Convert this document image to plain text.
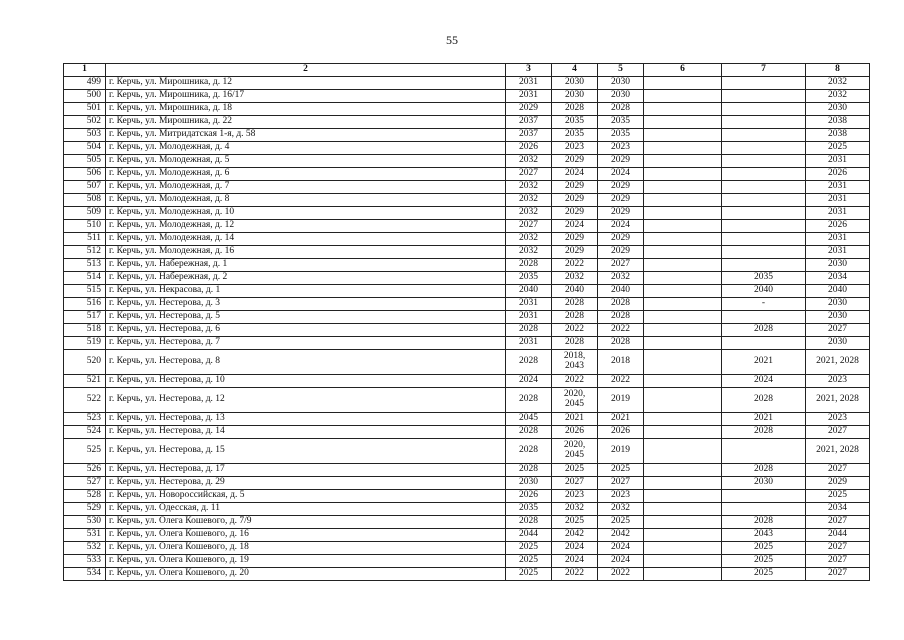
55
1	2	3	4	5	6	7	8
499	г. Керчь, ул. Мирошника, д. 12	2031	2030	2030			2032
500	г. Керчь, ул. Мирошника, д. 16/17	2031	2030	2030			2032
501	г. Керчь, ул. Мирошника, д. 18	2029	2028	2028			2030
502	г. Керчь, ул. Мирошника, д. 22	2037	2035	2035			2038
503	г. Керчь, ул. Митридатская 1-я, д. 58	2037	2035	2035			2038
504	г. Керчь, ул. Молодежная, д. 4	2026	2023	2023			2025
505	г. Керчь, ул. Молодежная, д. 5	2032	2029	2029			2031
506	г. Керчь, ул. Молодежная, д. 6	2027	2024	2024			2026
507	г. Керчь, ул. Молодежная, д. 7	2032	2029	2029			2031
508	г. Керчь, ул. Молодежная, д. 8	2032	2029	2029			2031
509	г. Керчь, ул. Молодежная, д. 10	2032	2029	2029			2031
510	г. Керчь, ул. Молодежная, д. 12	2027	2024	2024			2026
511	г. Керчь, ул. Молодежная, д. 14	2032	2029	2029			2031
512	г. Керчь, ул. Молодежная, д. 16	2032	2029	2029			2031
513	г. Керчь, ул. Набережная, д. 1	2028	2022	2027			2030
514	г. Керчь, ул. Набережная, д. 2	2035	2032	2032		2035	2034
515	г. Керчь, ул. Некрасова, д. 1	2040	2040	2040		2040	2040
516	г. Керчь, ул. Нестерова, д. 3	2031	2028	2028		-	2030
517	г. Керчь, ул. Нестерова, д. 5	2031	2028	2028			2030
518	г. Керчь, ул. Нестерова, д. 6	2028	2022	2022		2028	2027
519	г. Керчь, ул. Нестерова, д. 7	2031	2028	2028			2030
520	г. Керчь, ул. Нестерова, д. 8	2028	2018, 2043	2018		2021	2021, 2028
521	г. Керчь, ул. Нестерова, д. 10	2024	2022	2022		2024	2023
522	г. Керчь, ул. Нестерова, д. 12	2028	2020, 2045	2019		2028	2021, 2028
523	г. Керчь, ул. Нестерова, д. 13	2045	2021	2021		2021	2023
524	г. Керчь, ул. Нестерова, д. 14	2028	2026	2026		2028	2027
525	г. Керчь, ул. Нестерова, д. 15	2028	2020, 2045	2019			2021, 2028
526	г. Керчь, ул. Нестерова, д. 17	2028	2025	2025		2028	2027
527	г. Керчь, ул. Нестерова, д. 29	2030	2027	2027		2030	2029
528	г. Керчь, ул. Новороссийская, д. 5	2026	2023	2023			2025
529	г. Керчь, ул. Одесская, д. 11	2035	2032	2032			2034
530	г. Керчь, ул. Олега Кошевого, д. 7/9	2028	2025	2025		2028	2027
531	г. Керчь, ул. Олега Кошевого, д. 16	2044	2042	2042		2043	2044
532	г. Керчь, ул. Олега Кошевого, д. 18	2025	2024	2024		2025	2027
533	г. Керчь, ул. Олега Кошевого, д. 19	2025	2024	2024		2025	2027
534	г. Керчь, ул. Олега Кошевого, д. 20	2025	2022	2022		2025	2027
